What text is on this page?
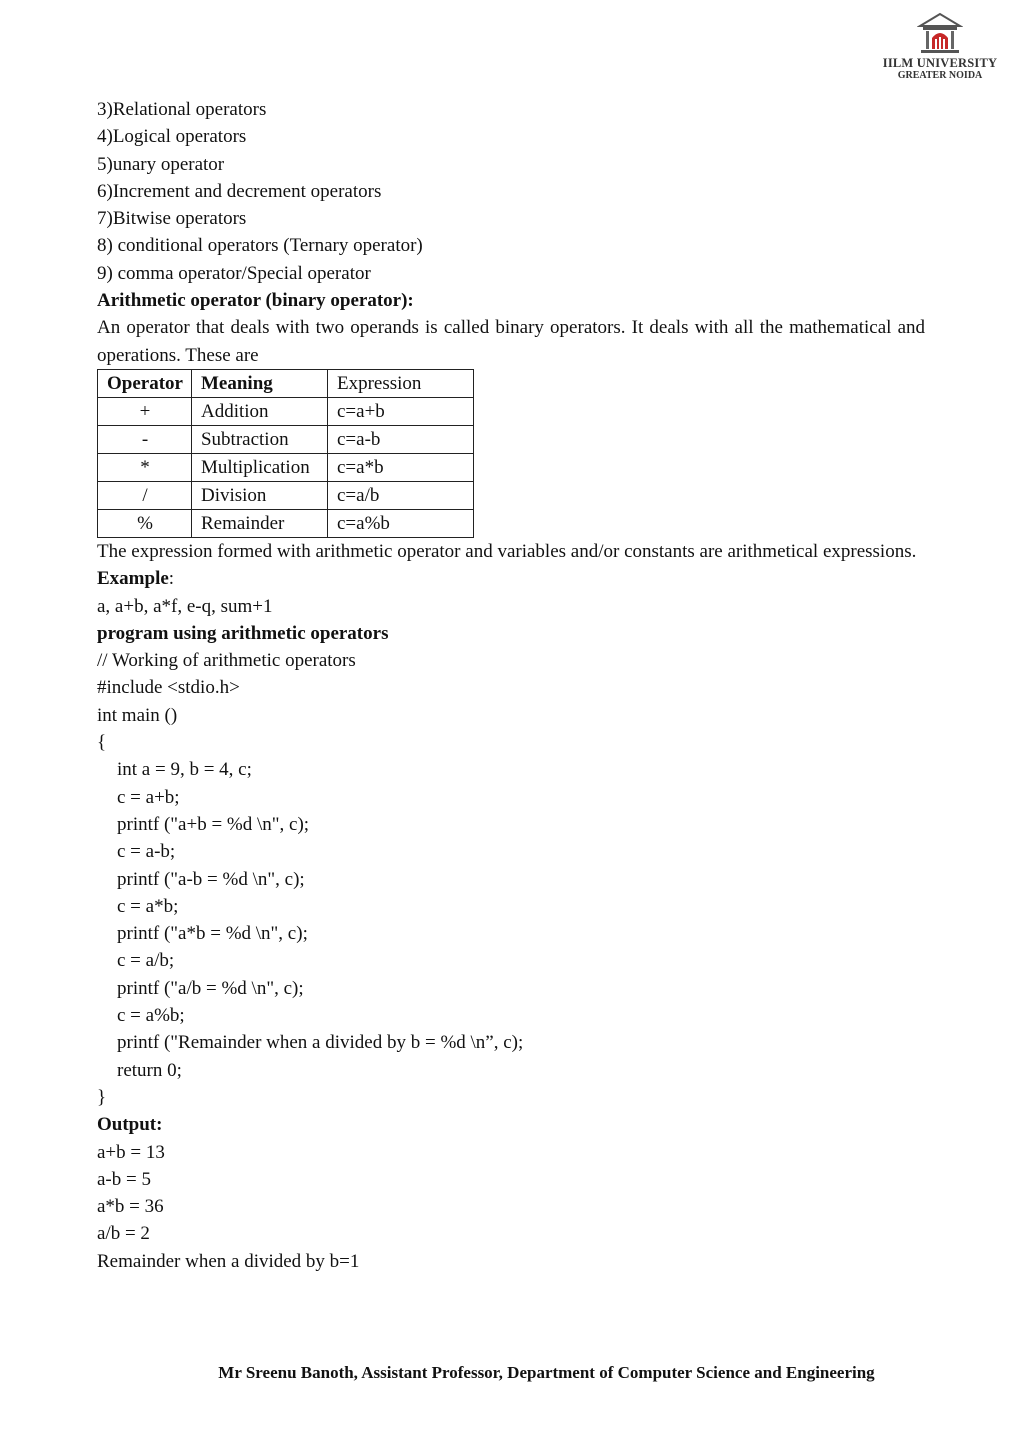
IILM UNIVERSITY
GREATER NOIDA
3)Relational operators
4)Logical operators
5)unary operator
6)Increment and decrement operators
7)Bitwise operators
8) conditional operators (Ternary operator)
9) comma operator/Special operator
Arithmetic operator (binary operator):
An operator that deals with two operands is called binary operators. It deals with all the mathematical and operations. These are
Operator	Meaning	Expression
+	Addition	c=a+b
-	Subtraction	c=a-b
*	Multiplication	c=a*b
/	Division	c=a/b
%	Remainder	c=a%b
The expression formed with arithmetic operator and variables and/or constants are arithmetical expressions.
Example:
a, a+b, a*f, e-q, sum+1
program using arithmetic operators
// Working of arithmetic operators
#include <stdio.h>
int main ()
{
int a = 9, b = 4, c;
c = a+b;
printf ("a+b = %d \n", c);
c = a-b;
printf ("a-b = %d \n", c);
c = a*b;
printf ("a*b = %d \n", c);
c = a/b;
printf ("a/b = %d \n", c);
c = a%b;
printf ("Remainder when a divided by b = %d \n”, c);
return 0;
}
Output:
a+b = 13
a-b = 5
a*b = 36
a/b = 2
Remainder when a divided by b=1
Mr Sreenu Banoth, Assistant Professor, Department of Computer Science and Engineering
